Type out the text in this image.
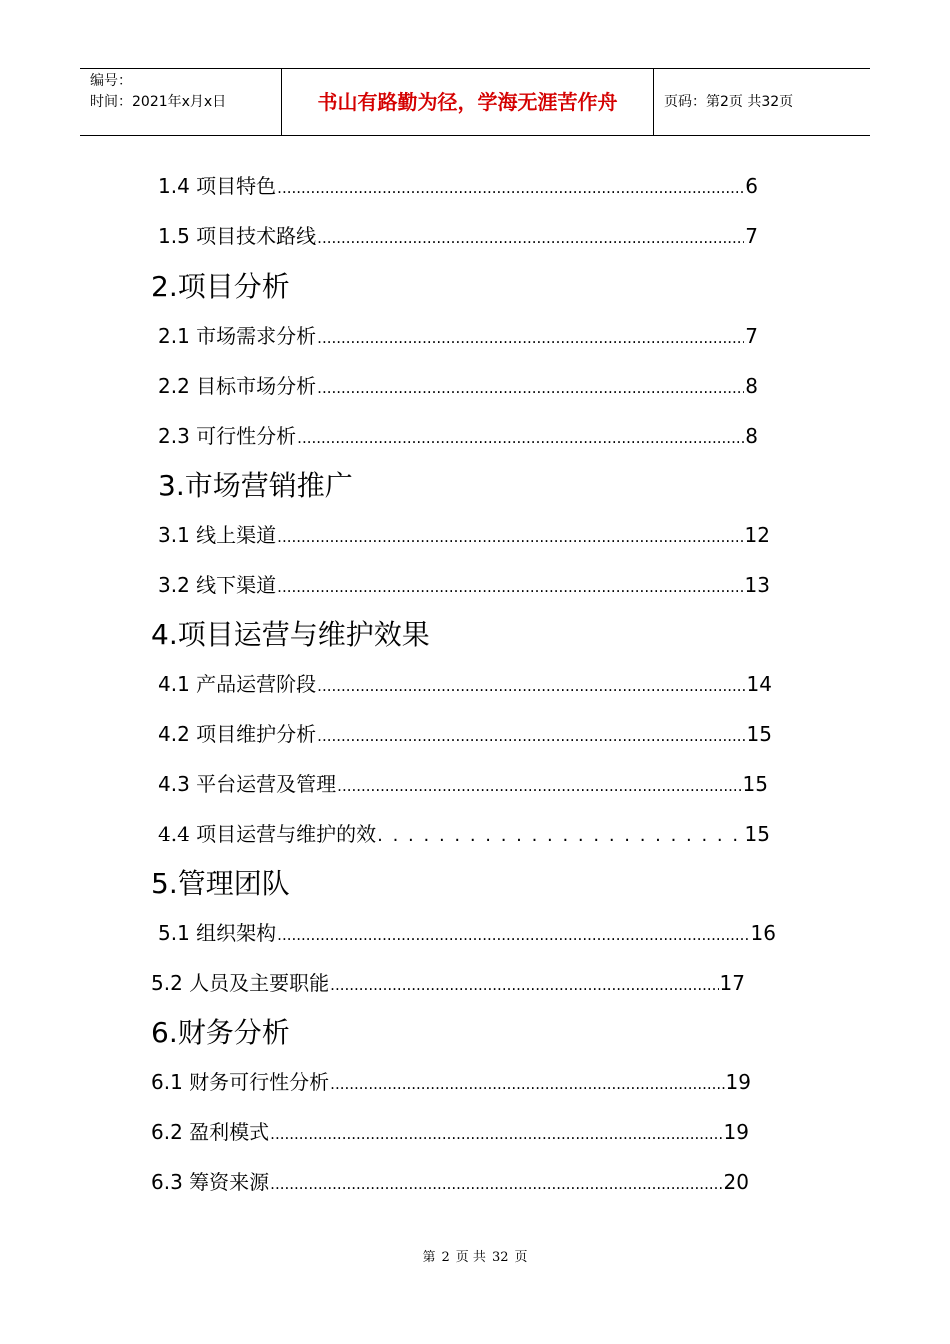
编号：
时间：2021年x月x日	书山有路勤为径，学海无涯苦作舟	页码：第2页 共32页
1.4 项目特色 .....	6
1.5 项目技术路线 .....	7
2.项目分析
2.1 市场需求分析 .....	7
2.2 目标市场分析 .....	8
2.3 可行性分析 .....	8
3.市场营销推广
3.1 线上渠道 .....	12
3.2 线下渠道 .....	13
4.项目运营与维护效果
4.1 产品运营阶段 .....	14
4.2 项目维护分析 .....	15
4.3 平台运营及管理 .....	15
4.4 项目运营与维护的效 . . .	15
5.管理团队
5.1 组织架构 .....	16
5.2 人员及主要职能 .....	17
6.财务分析
6.1 财务可行性分析 .....	19
6.2 盈利模式 .....	19
6.3 筹资来源 .....	20
第 2 页 共 32 页
